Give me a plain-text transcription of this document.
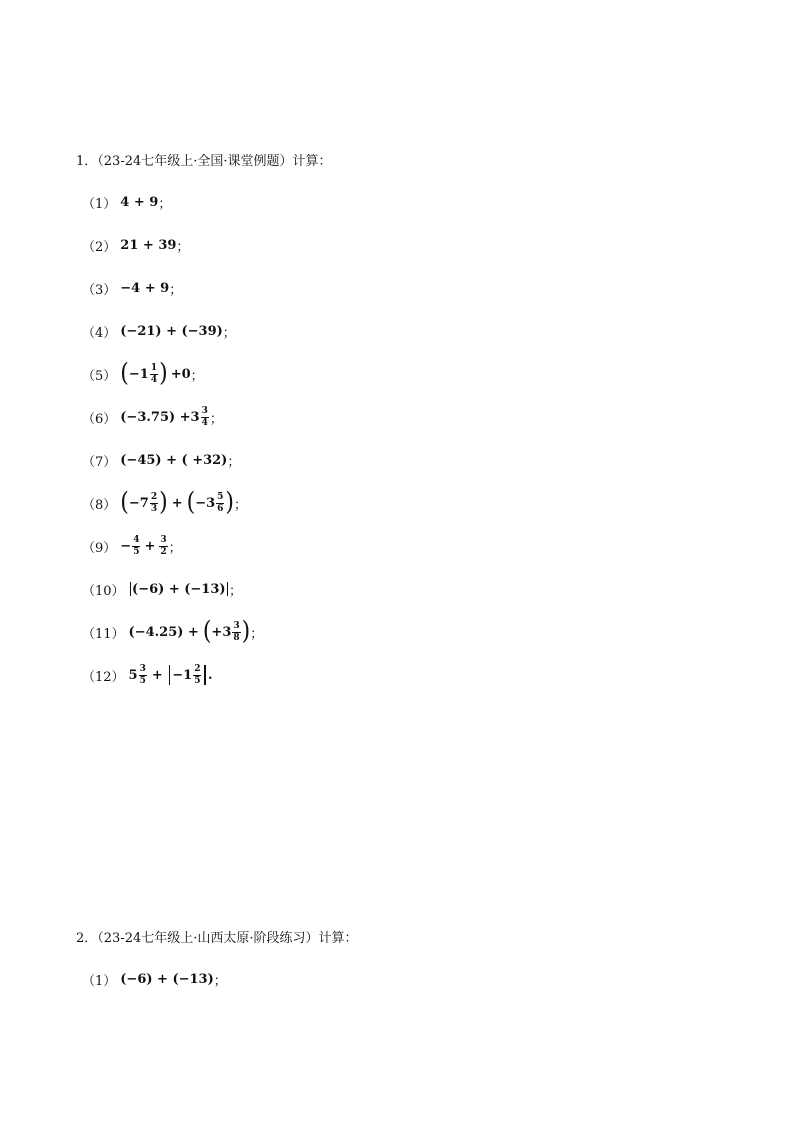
1．（23-24七年级上·全国·课堂例题）计算：
（1） 4 + 9 ；
（2） 21 + 39 ；
（3） −4 + 9 ；
（4） (−21) + (−39) ；
（5） ( $-1 \frac{1}{4}$ ) +0 ；
（6） $(-3.75) +3 \frac{3}{4}$ ；
（7） (−45) + ( +32) ；
（8） ( $-7 \frac{2}{3}$ ) + ( $-3 \frac{5}{6}$ ) ；
$(9) - \frac{4}{5} + \frac{3}{2}$ ；
（10） (−6) + (−13) ；
（11） (−4.25) + ( $+3 \frac{3}{8}$ ) ；
（12） $5 \frac{3}{5} + -1 \frac{2}{5}$ .
2．（23-24七年级上·山西太原·阶段练习）计算：
（1） (−6) + (−13) ；
